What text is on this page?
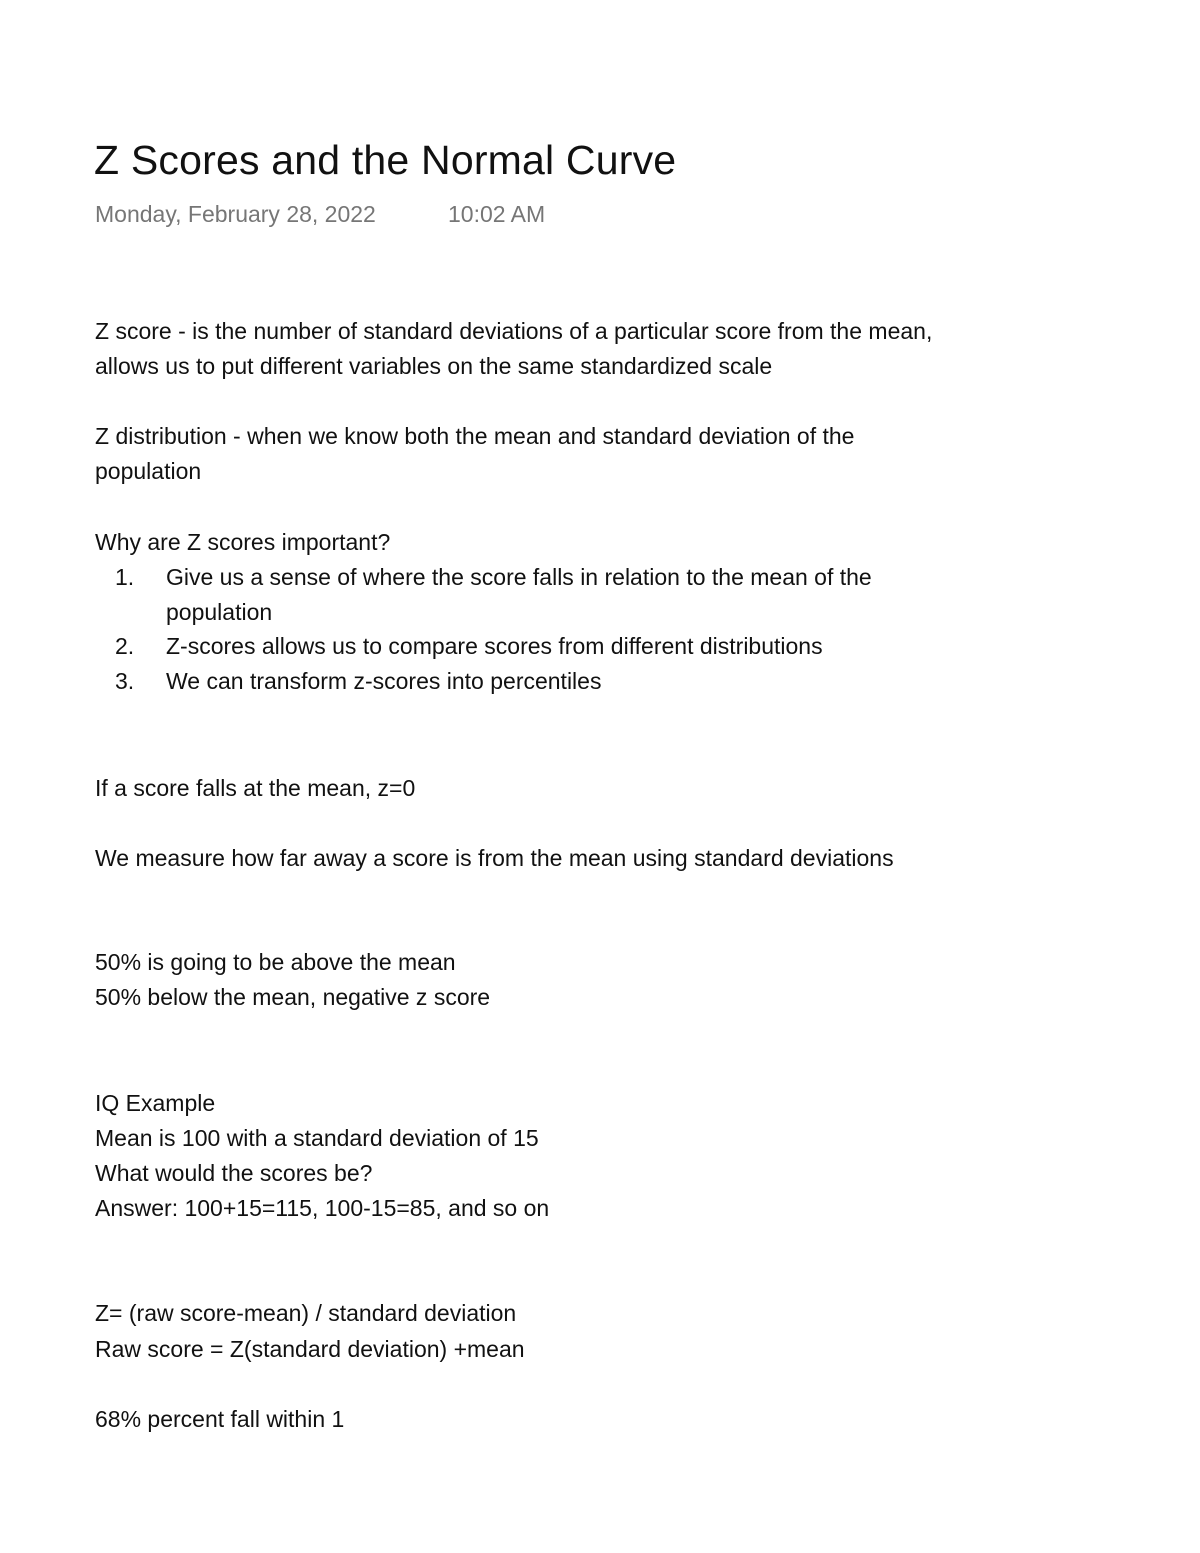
Z Scores and the Normal Curve
Monday, February 28, 2022	10:02 AM
Z score - is the number of standard deviations of a particular score from the mean,
allows us to put different variables on the same standardized scale
Z distribution - when we know both the mean and standard deviation of the
population
Why are Z scores important?
1.	Give us a sense of where the score falls in relation to the mean of the
population
2.	Z-scores allows us to compare scores from different distributions
3.	We can transform z-scores into percentiles
If a score falls at the mean, z=0
We measure how far away a score is from the mean using standard deviations
50% is going to be above the mean
50% below the mean, negative z score
IQ Example
Mean is 100 with a standard deviation of 15
What would the scores be?
Answer: 100+15=115, 100-15=85, and so on
Z= (raw score-mean) / standard deviation
Raw score = Z(standard deviation) +mean
68% percent fall within 1
